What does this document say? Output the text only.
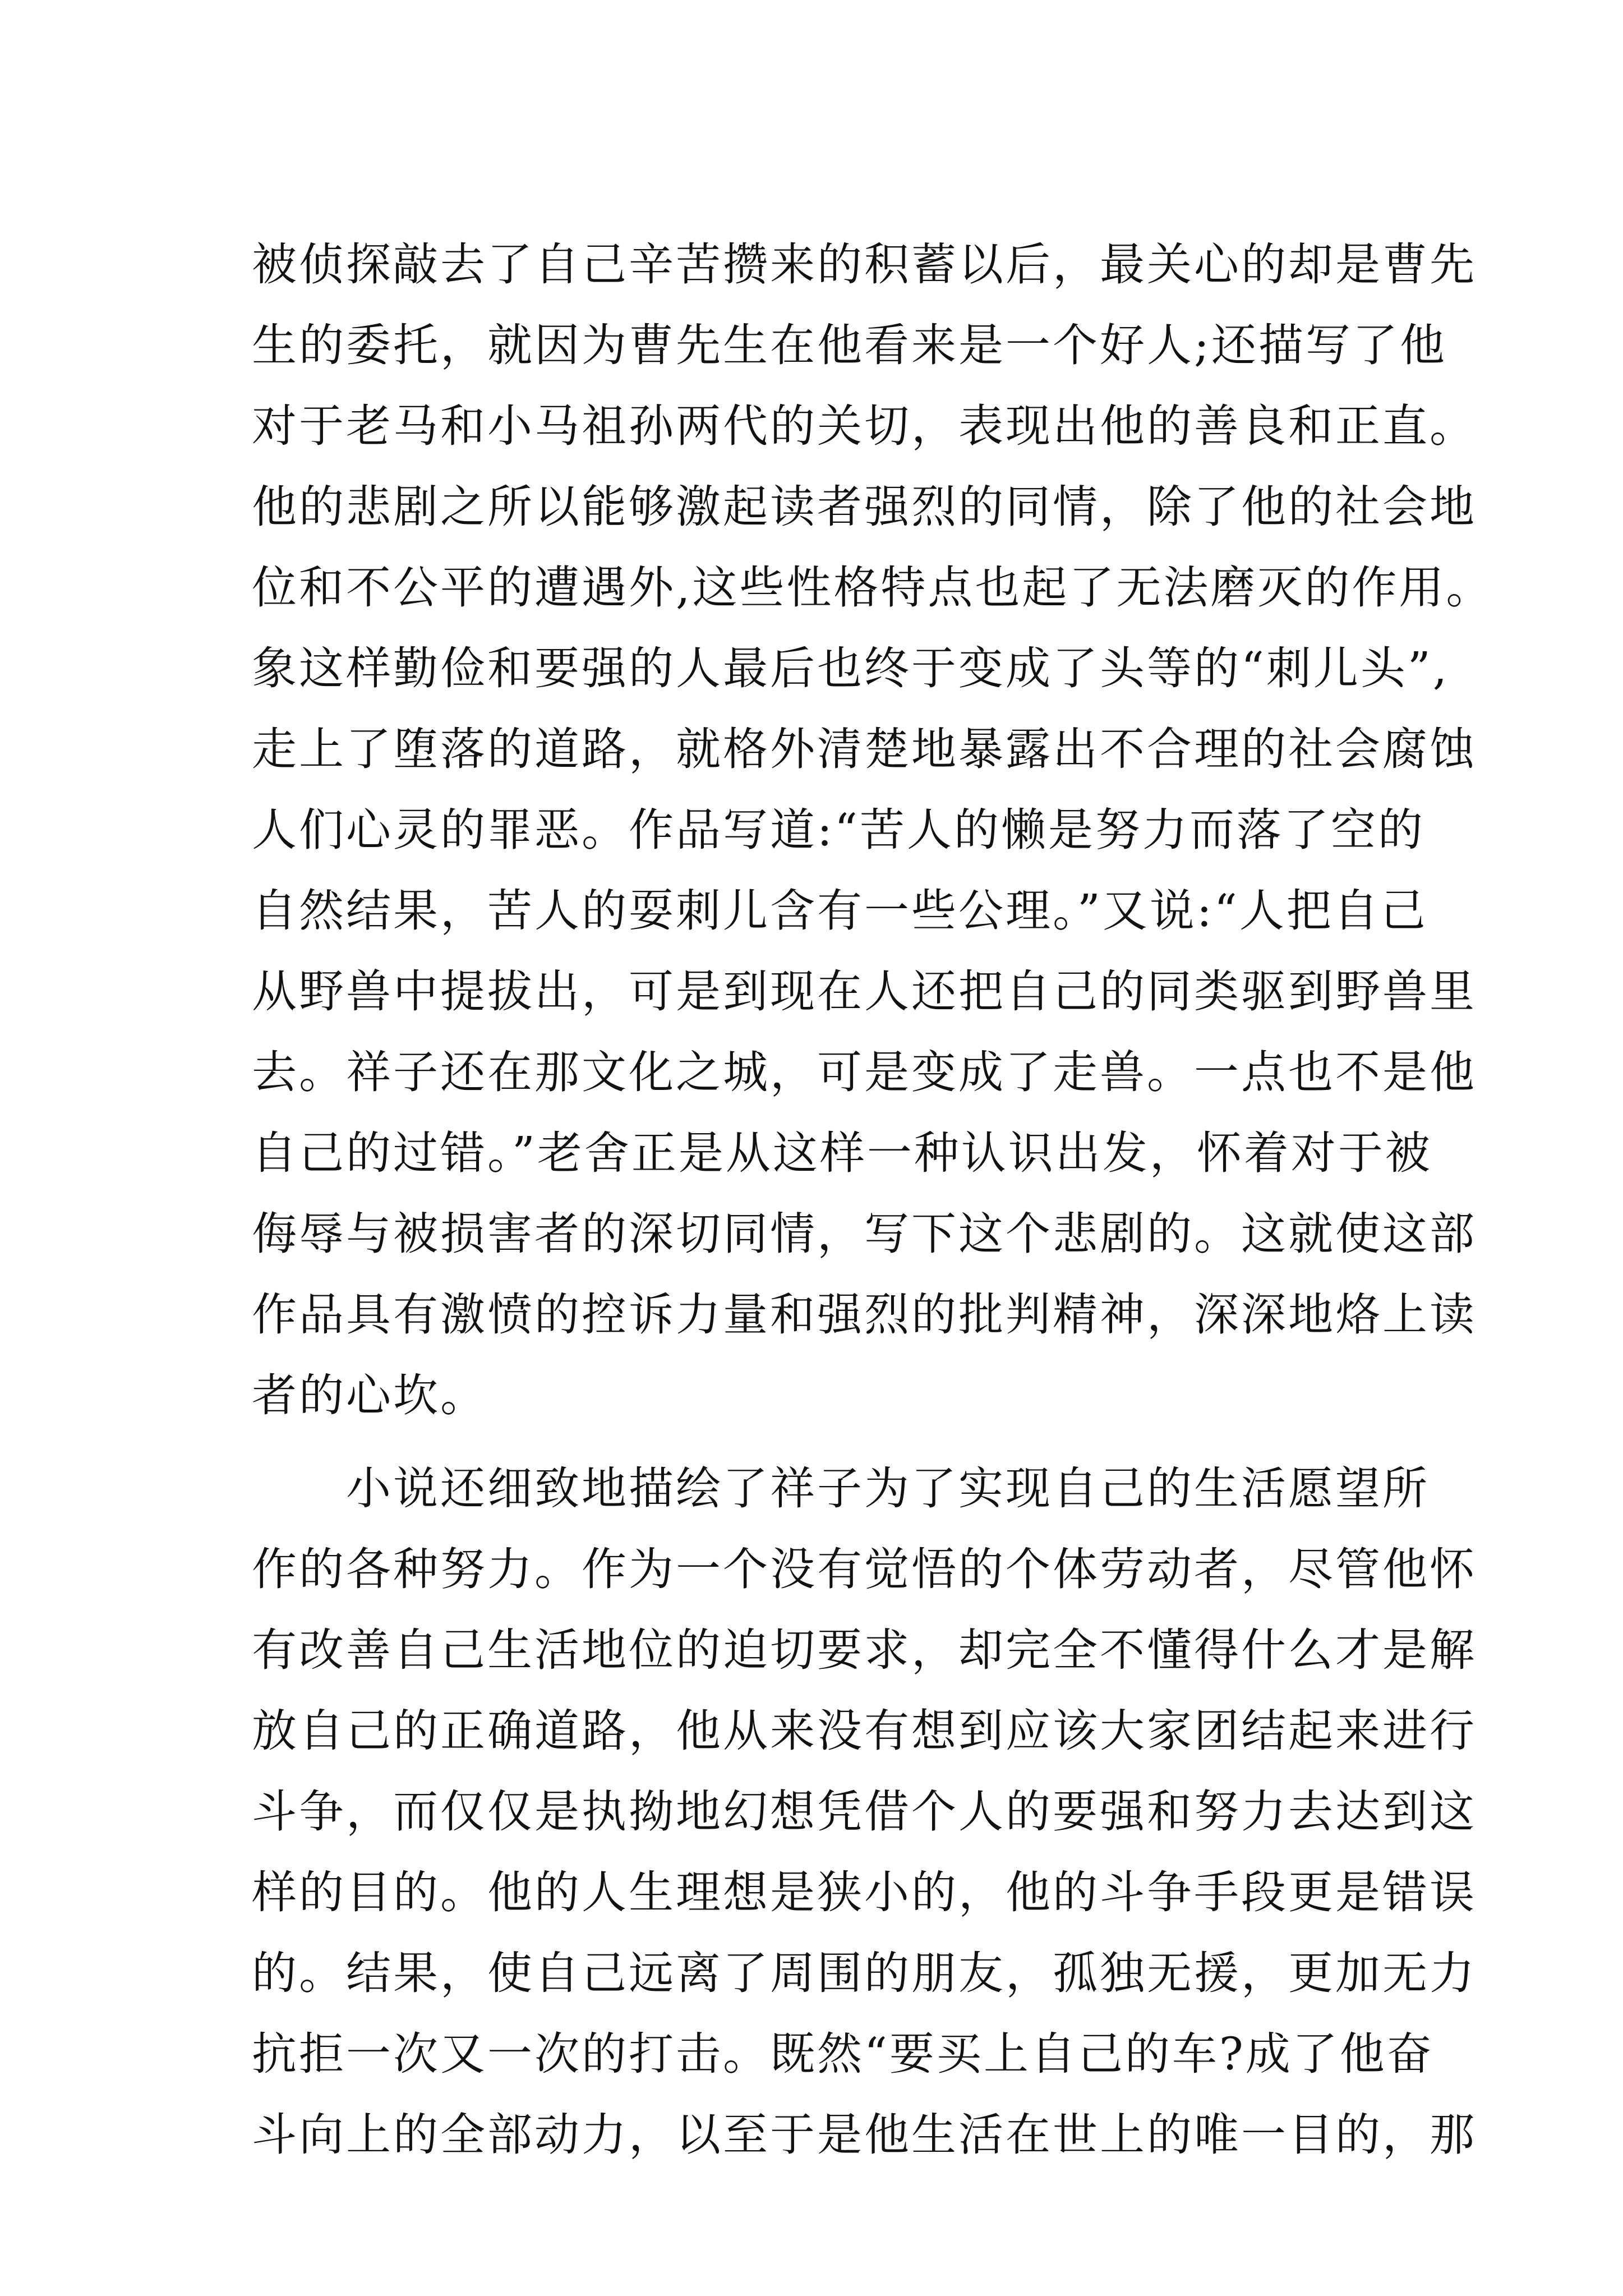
被侦探敲去了自己辛苦攒来的积蓄以后，最关心的却是曹先
生的委托，就因为曹先生在他看来是一个好人;还描写了他
对于老马和小马祖孙两代的关切，表现出他的善良和正直。
他的悲剧之所以能够激起读者强烈的同情，除了他的社会地
位和不公平的遭遇外,这些性格特点也起了无法磨灭的作用。
象这样勤俭和要强的人最后也终于变成了头等的“刺儿头”,
走上了堕落的道路，就格外清楚地暴露出不合理的社会腐蚀
人们心灵的罪恶。作品写道:“苦人的懒是努力而落了空的
自然结果，苦人的耍刺儿含有一些公理。”又说:“人把自己
从野兽中提拔出，可是到现在人还把自己的同类驱到野兽里
去。祥子还在那文化之城，可是变成了走兽。一点也不是他
自己的过错。”老舍正是从这样一种认识出发，怀着对于被
侮辱与被损害者的深切同情，写下这个悲剧的。这就使这部
作品具有激愤的控诉力量和强烈的批判精神，深深地烙上读
者的心坎。
小说还细致地描绘了祥子为了实现自己的生活愿望所
作的各种努力。作为一个没有觉悟的个体劳动者，尽管他怀
有改善自己生活地位的迫切要求，却完全不懂得什么才是解
放自己的正确道路，他从来没有想到应该大家团结起来进行
斗争，而仅仅是执拗地幻想凭借个人的要强和努力去达到这
样的目的。他的人生理想是狭小的，他的斗争手段更是错误
的。结果，使自己远离了周围的朋友，孤独无援，更加无力
抗拒一次又一次的打击。既然“要买上自己的车?成了他奋
斗向上的全部动力，以至于是他生活在世上的唯一目的，那
